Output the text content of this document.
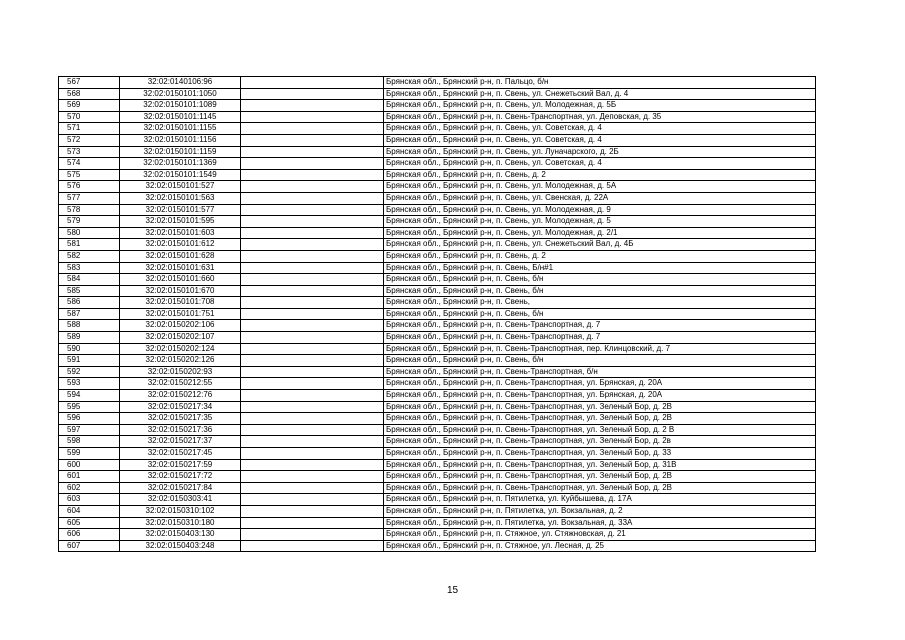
567	32:02:0140106:96		Брянская обл., Брянский р-н, п. Пальцо, б/н
568	32:02:0150101:1050		Брянская обл., Брянский р-н, п. Свень, ул. Снежетьский Вал, д. 4
569	32:02:0150101:1089		Брянская обл., Брянский р-н, п. Свень, ул. Молодежная, д. 5Б
570	32:02:0150101:1145		Брянская обл., Брянский р-н, п. Свень-Транспортная, ул. Деповская, д. 35
571	32:02:0150101:1155		Брянская обл., Брянский р-н, п. Свень, ул. Советская, д. 4
572	32:02:0150101:1156		Брянская обл., Брянский р-н, п. Свень, ул. Советская, д. 4
573	32:02:0150101:1159		Брянская обл., Брянский р-н, п. Свень, ул. Луначарского, д. 2Б
574	32:02:0150101:1369		Брянская обл., Брянский р-н, п. Свень, ул. Советская, д. 4
575	32:02:0150101:1549		Брянская обл., Брянский р-н, п. Свень, д. 2
576	32:02:0150101:527		Брянская обл., Брянский р-н, п. Свень, ул. Молодежная, д. 5А
577	32:02:0150101:563		Брянская обл., Брянский р-н, п. Свень, ул. Свенская, д. 22А
578	32:02:0150101:577		Брянская обл., Брянский р-н, п. Свень, ул. Молодежная, д. 9
579	32:02:0150101:595		Брянская обл., Брянский р-н, п. Свень, ул. Молодежная, д. 5
580	32:02:0150101:603		Брянская обл., Брянский р-н, п. Свень, ул. Молодежная, д. 2/1
581	32:02:0150101:612		Брянская обл., Брянский р-н, п. Свень, ул. Снежетьский Вал, д. 4Б
582	32:02:0150101:628		Брянская обл., Брянский р-н, п. Свень, д. 2
583	32:02:0150101:631		Брянская обл., Брянский р-н, п. Свень, Б/н#1
584	32:02:0150101:660		Брянская обл., Брянский р-н, п. Свень, б/н
585	32:02:0150101:670		Брянская обл., Брянский р-н, п. Свень, б/н
586	32:02:0150101:708		Брянская обл., Брянский р-н, п. Свень,
587	32:02:0150101:751		Брянская обл., Брянский р-н, п. Свень, б/н
588	32:02:0150202:106		Брянская обл., Брянский р-н, п. Свень-Транспортная, д. 7
589	32:02:0150202:107		Брянская обл., Брянский р-н, п. Свень-Транспортная, д. 7
590	32:02:0150202:124		Брянская обл., Брянский р-н, п. Свень-Транспортная, пер. Клинцовский, д. 7
591	32:02:0150202:126		Брянская обл., Брянский р-н, п. Свень, б/н
592	32:02:0150202:93		Брянская обл., Брянский р-н, п. Свень-Транспортная, б/н
593	32:02:0150212:55		Брянская обл., Брянский р-н, п. Свень-Транспортная, ул. Брянская, д. 20А
594	32:02:0150212:76		Брянская обл., Брянский р-н, п. Свень-Транспортная, ул. Брянская, д. 20А
595	32:02:0150217:34		Брянская обл., Брянский р-н, п. Свень-Транспортная, ул. Зеленый Бор, д. 2В
596	32:02:0150217:35		Брянская обл., Брянский р-н, п. Свень-Транспортная, ул. Зеленый Бор, д. 2В
597	32:02:0150217:36		Брянская обл., Брянский р-н, п. Свень-Транспортная, ул. Зеленый Бор, д. 2 В
598	32:02:0150217:37		Брянская обл., Брянский р-н, п. Свень-Транспортная, ул. Зеленый Бор, д. 2в
599	32:02:0150217:45		Брянская обл., Брянский р-н, п. Свень-Транспортная, ул. Зеленый Бор, д. 33
600	32:02:0150217:59		Брянская обл., Брянский р-н, п. Свень-Транспортная, ул. Зеленый Бор, д. 31В
601	32:02:0150217:72		Брянская обл., Брянский р-н, п. Свень-Транспортная, ул. Зеленый Бор, д. 2В
602	32:02:0150217:84		Брянская обл., Брянский р-н, п. Свень-Транспортная, ул. Зеленый Бор, д. 2В
603	32:02:0150303:41		Брянская обл., Брянский р-н, п. Пятилетка, ул. Куйбышева, д. 17А
604	32:02:0150310:102		Брянская обл., Брянский р-н, п. Пятилетка, ул. Вокзальная, д. 2
605	32:02:0150310:180		Брянская обл., Брянский р-н, п. Пятилетка, ул. Вокзальная, д. 33А
606	32:02:0150403:130		Брянская обл., Брянский р-н, п. Стяжное, ул. Стяжновская, д. 21
607	32:02:0150403:248		Брянская обл., Брянский р-н, п. Стяжное, ул. Лесная, д. 25
15
